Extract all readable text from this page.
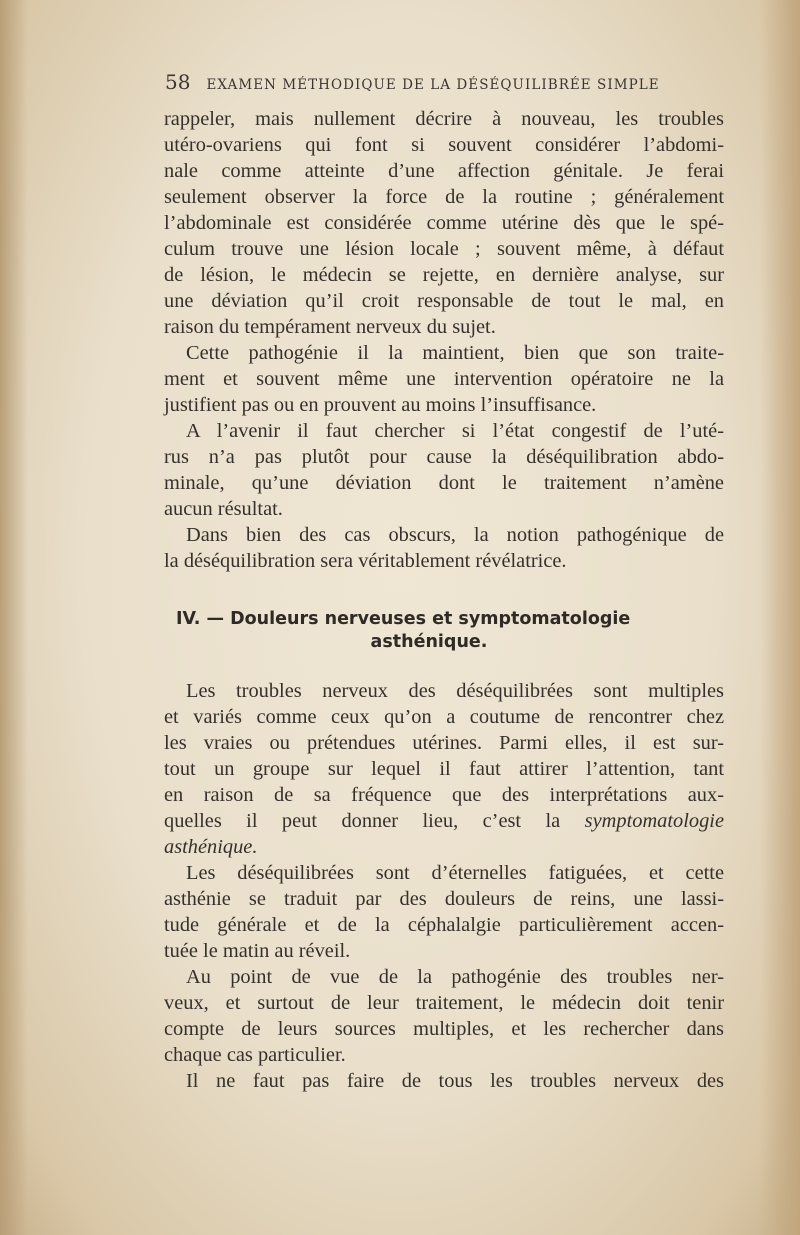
58 EXAMEN MÉTHODIQUE DE LA DÉSÉQUILIBRÉE SIMPLE
rappeler, mais nullement décrire à nouveau, les troubles
utéro-ovariens qui font si souvent considérer l’abdomi-
nale comme atteinte d’une affection génitale. Je ferai
seulement observer la force de la routine ; généralement
l’abdominale est considérée comme utérine dès que le spé-
culum trouve une lésion locale ; souvent même, à défaut
de lésion, le médecin se rejette, en dernière analyse, sur
une déviation qu’il croit responsable de tout le mal, en
raison du tempérament nerveux du sujet.
Cette pathogénie il la maintient, bien que son traite-
ment et souvent même une intervention opératoire ne la
justifient pas ou en prouvent au moins l’insuffisance.
A l’avenir il faut chercher si l’état congestif de l’uté-
rus n’a pas plutôt pour cause la déséquilibration abdo-
minale, qu’une déviation dont le traitement n’amène
aucun résultat.
Dans bien des cas obscurs, la notion pathogénique de
la déséquilibration sera véritablement révélatrice.
IV. — Douleurs nerveuses et symptomatologie
asthénique.
Les troubles nerveux des déséquilibrées sont multiples
et variés comme ceux qu’on a coutume de rencontrer chez
les vraies ou prétendues utérines. Parmi elles, il est sur-
tout un groupe sur lequel il faut attirer l’attention, tant
en raison de sa fréquence que des interprétations aux-
quelles il peut donner lieu, c’est la symptomatologie
asthénique.
Les déséquilibrées sont d’éternelles fatiguées, et cette
asthénie se traduit par des douleurs de reins, une lassi-
tude générale et de la céphalalgie particulièrement accen-
tuée le matin au réveil.
Au point de vue de la pathogénie des troubles ner-
veux, et surtout de leur traitement, le médecin doit tenir
compte de leurs sources multiples, et les rechercher dans
chaque cas particulier.
Il ne faut pas faire de tous les troubles nerveux des
